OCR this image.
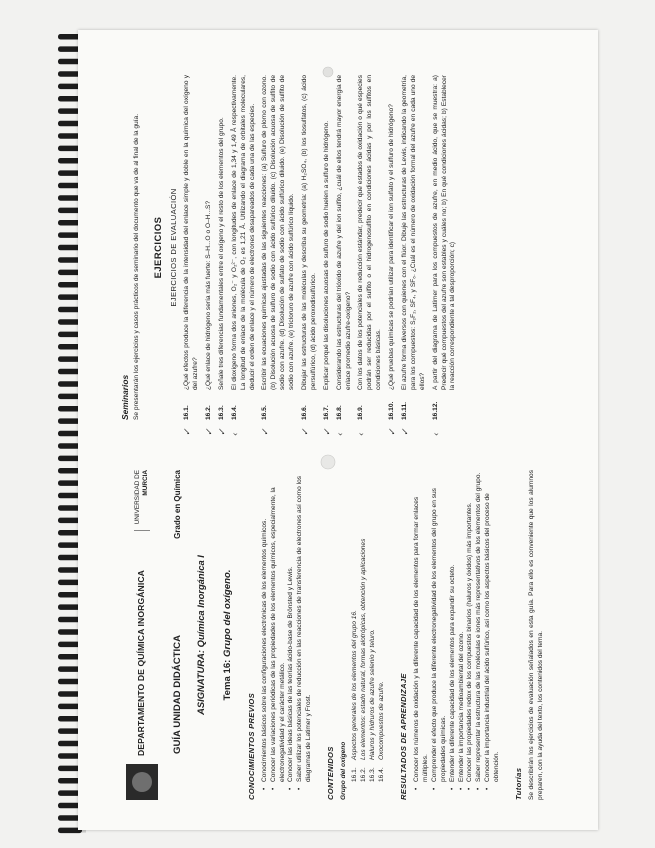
DEPARTAMENTO DE QUÍMICA INORGÁNICA
UNIVERSIDAD DE MURCIA
GUÍA UNIDAD DIDÁCTICA
Grado en Química
ASIGNATURA: Química Inorgánica I Tema 16: Grupo del oxígeno.
CONOCIMIENTOS PREVIOS • Conocimientos básicos sobre las configuraciones electrónicas de los elementos químicos. • Conocer las variaciones periódicas de las propiedades de los elementos químicos, especialmente, la electronegatividad y el carácter metálico. • Conocer las ideas básicas de las teorías ácido-base de Brönsted y Lewis. • Saber utilizar los potenciales de reducción en las reacciones de transferencia de electrones así como los diagramas de Latimer y Frost. CONTENIDOS Grupo del oxígeno 16.1.Aspectos generales de los elementos del grupo 16.
16.2.Los elementos: estado natural, formas alotrópicas, obtención y aplicaciones
16.3.Haluros y hidruros de azufre selenio y teluro.
16.4.Oxocompuestos de azufre. RESULTADOS DE APRENDIZAJE • Conocer los números de oxidación y la diferente capacidad de los elementos para formar enlaces múltiples. • Comprender el efecto que produce la diferente electronegatividad de los elementos del grupo en sus propiedades químicas. • Entender la diferente capacidad de los elementos para expandir su octeto. • Entender la importancia medioambiental del ozono. • Conocer las propiedades redox de los compuestos binarios (haluros y óxidos) más importantes. • Saber representar la estructura de las moléculas e iones más representativos de los elementos del grupo. • Conocer la importancia industrial del ácido sulfúrico, así como los aspectos básicos del proceso de obtención.
Tutorías Se describirán los ejercicios de evaluación señalados en esta guía. Para ello es conveniente que los alumnos preparen, con la ayuda del texto, los contenidos del tema.
Seminarios Se presentarán los ejercicios y casos prácticos de seminario del documento que va de al final de la guía. EJERCICIOS EJERCICIOS DE EVALUACIÓN
✓
16.1.
¿Qué efectos produce la diferencia de la intensidad del enlace simple y doble en la química del oxígeno y del azufre?
✓
16.2.
¿Qué enlace de hidrógeno sería más fuerte: S–H...O o O–H...S?
✓
16.3.
Señale tres diferencias fundamentales entre el oxígeno y el resto de los elementos del grupo.
‹
16.4.
El dioxígeno forma dos aniones, O₂⁻ y O₂²⁻, con longitudes de enlace de 1,34 y 1,49 Å respectivamente. La longitud de enlace de la molécula de O₂ es 1,21 Å. Utilizando el diagrama de orbitales moleculares, deducir el orden de enlace y el número de electrones desapareados de cada una de las especies.
✓
16.5.
Escribir las ecuaciones químicas ajustadas de las siguientes reacciones: (a) Sulfuro de plomo con ozono. (b) Disolución acuosa de sulfuro de sodio con ácido sulfúrico diluido. (c) Disolución acuosa de sulfito de sodio con azufre. (d) Disolución de sulfato de sodio con ácido sulfúrico diluido. (e) Disolución de sulfito de sodio con azufre. (e) tricloruro de azufre con ácido sulfúrico líquido.
✓
16.6.
Dibujar las estructuras de las moléculas y describa su geometría: (a) H₂SO₄, (b) los tiosulfatos, (c) ácido persulfúrico, (d) ácido peroxodisulfúrico.
✓
16.7.
Explicar porqué las disoluciones acuosas de sulfuro de sodio huelen a sulfuro de hidrógeno.
‹
16.8.
Considerando las estructuras del trióxido de azufre y del ion sulfito, ¿cuál de ellos tendrá mayor energía de enlace promedio azufre-oxígeno?
‹
16.9.
Con los datos de los potenciales de reducción estándar, predecir qué estados de oxidación o qué especies podrán ser reducidas por el sulfito o el hidrogenosulfito en condiciones ácidas y por los sulfitos en condiciones básicas.
✓
16.10.
¿Qué pruebas químicas se podrían utilizar para identificar el ion sulfato y el sulfuro de hidrógeno?
✓
16.11.
El azufre forma diversos con quienes con el flúor. Dibuje las estructuras de Lewis, indicando la geometría, para los compuestos: S₂F₂, SF₄, y SF₆. ¿Cuál es el número de oxidación formal del azufre en cada uno de ellos?
‹
16.12.
A partir del diagrama de Latimer para los compuestos de azufre, en medio ácido, que se muestra: a) Predecir qué compuestos del azufre son estables y cuáles no; b) En qué condiciones ácidas; b) Establecer la reacción correspondiente a tal desproporción; c)
